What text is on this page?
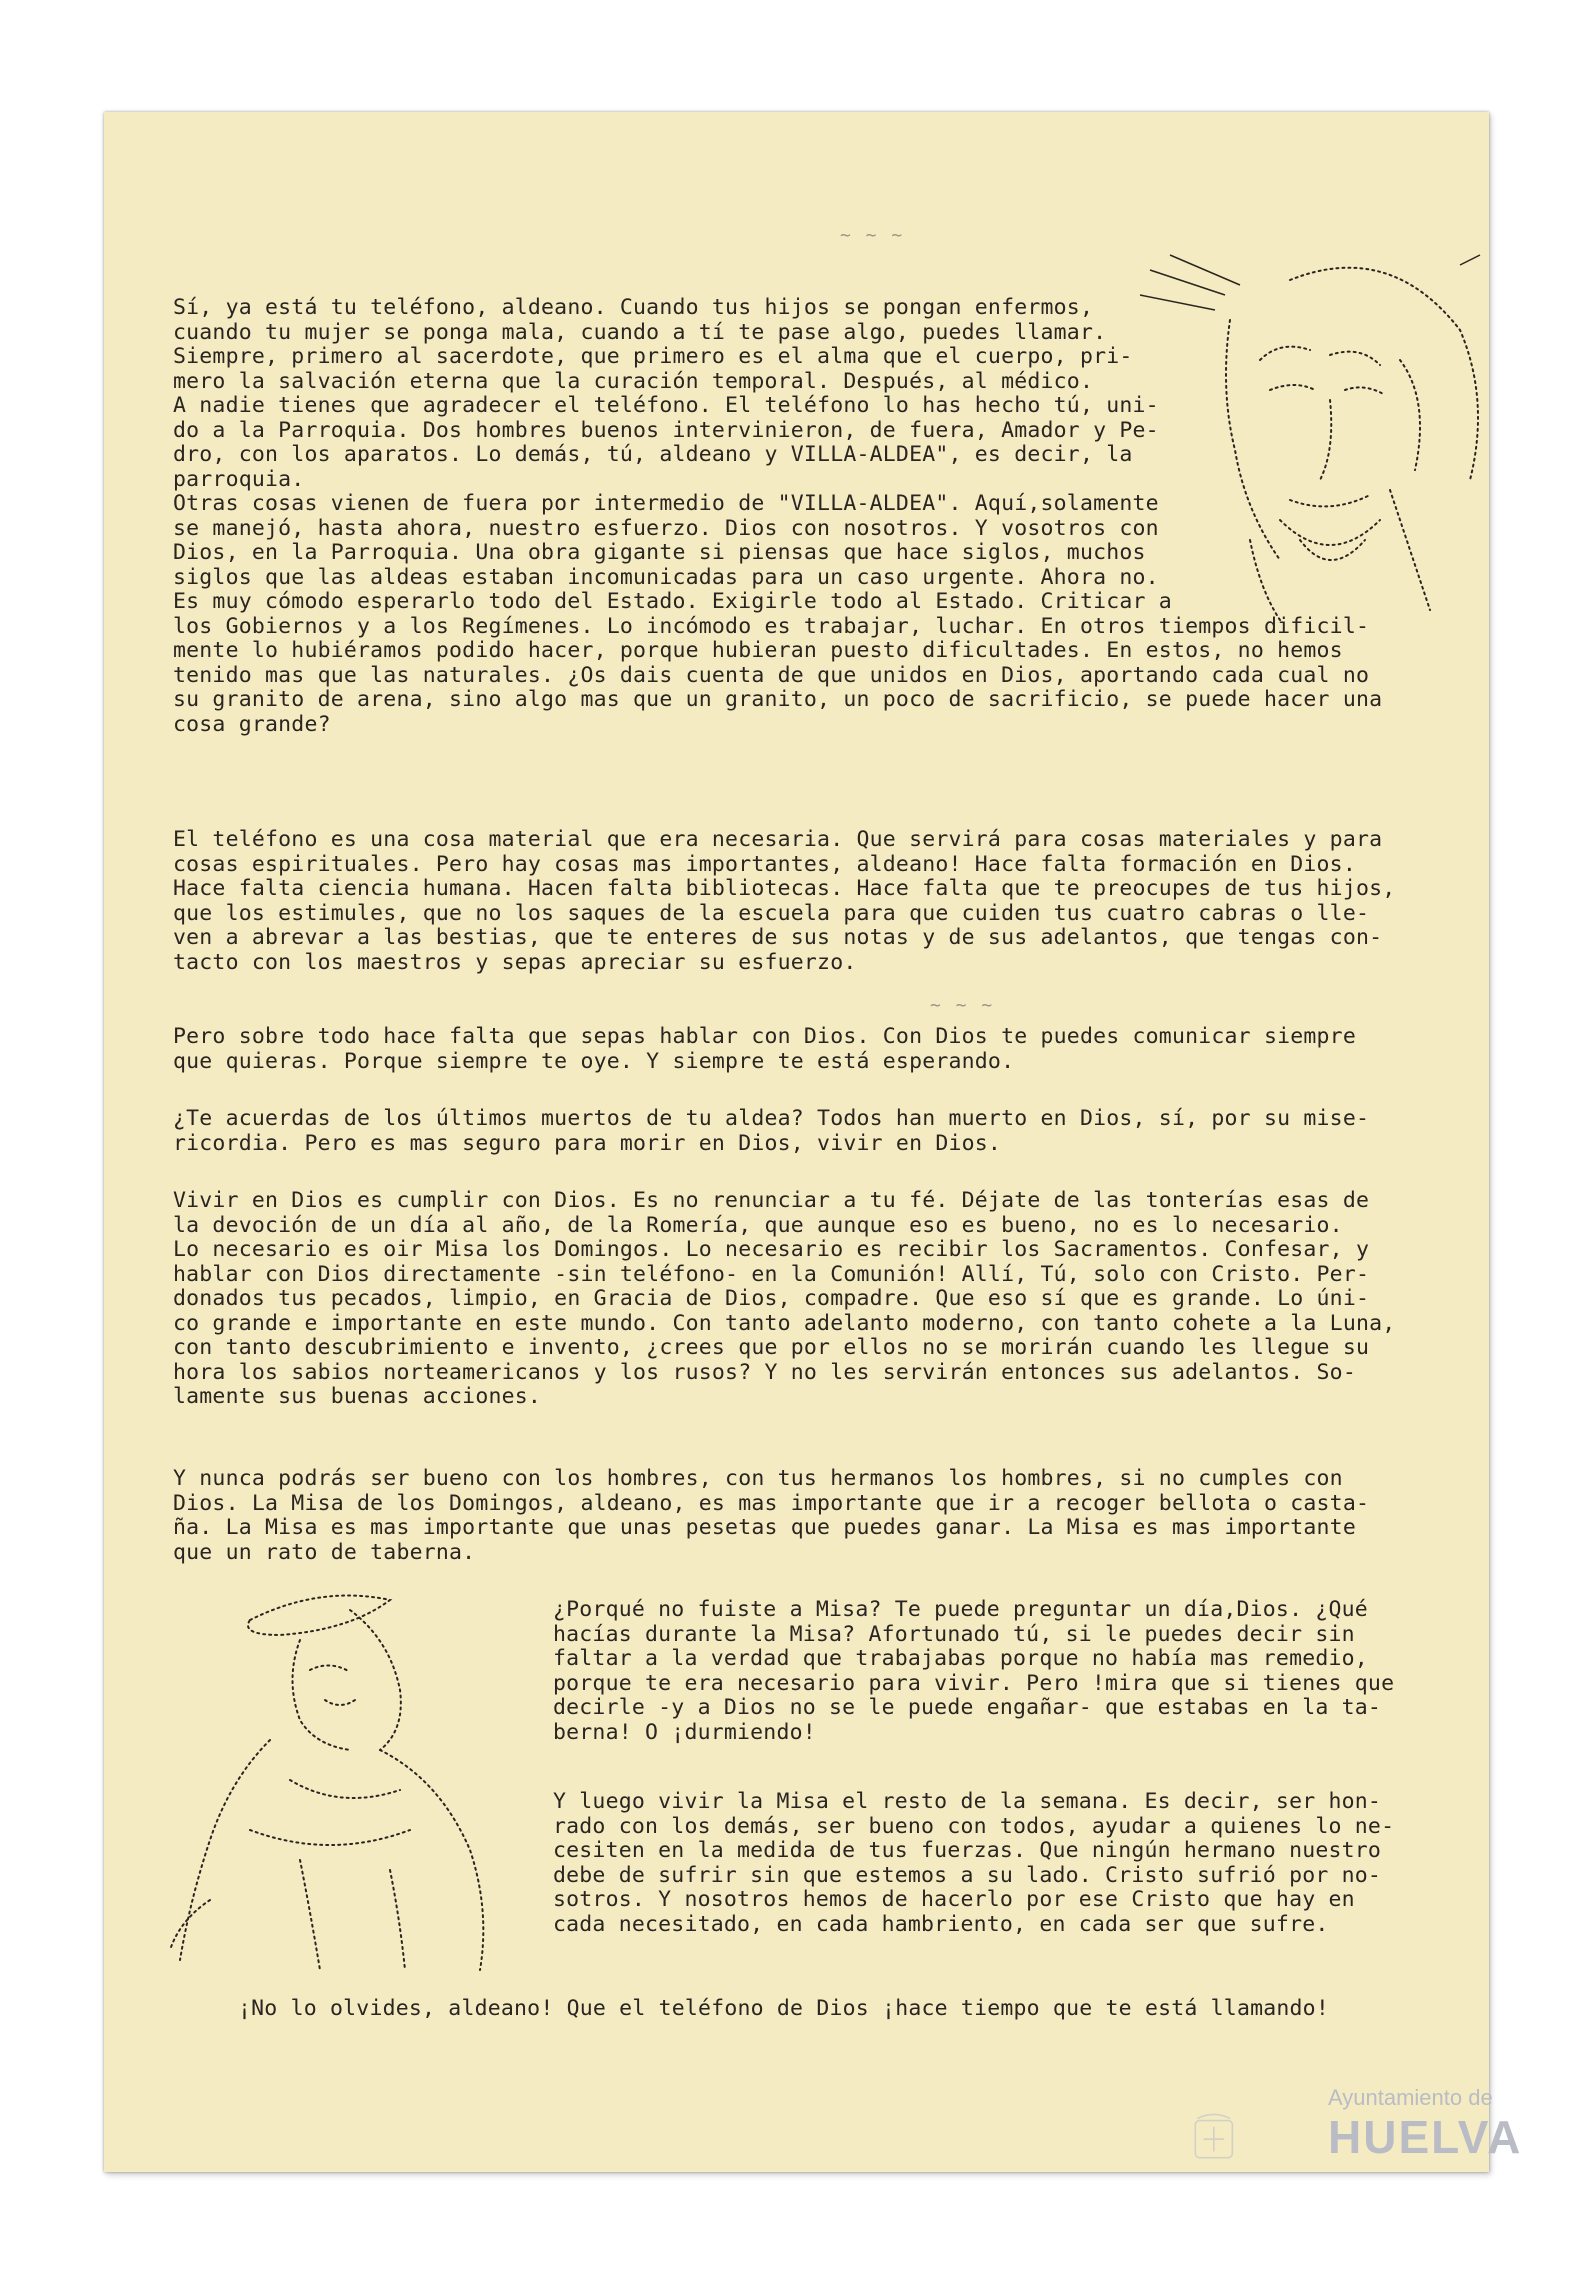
~ ~ ~
~ ~ ~
Sí, ya está tu teléfono, aldeano. Cuando tus hijos se pongan enfermos,
cuando tu mujer se ponga mala, cuando a tí te pase algo, puedes llamar.
Siempre, primero al sacerdote, que primero es el alma que el cuerpo, pri-
mero la salvación eterna que la curación temporal. Después, al médico.
A nadie tienes que agradecer el teléfono. El teléfono lo has hecho tú, uni-
do a la Parroquia. Dos hombres buenos intervinieron, de fuera, Amador y Pe-
dro, con los aparatos. Lo demás, tú, aldeano y VILLA-ALDEA", es decir, la
parroquia.
Otras cosas vienen de fuera por intermedio de "VILLA-ALDEA". Aquí,solamente
se manejó, hasta ahora, nuestro esfuerzo. Dios con nosotros. Y vosotros con
Dios, en la Parroquia. Una obra gigante si piensas que hace siglos, muchos
siglos que las aldeas estaban incomunicadas para un caso urgente. Ahora no.
Es muy cómodo esperarlo todo del Estado. Exigirle todo al Estado. Criticar a
los Gobiernos y a los Regímenes. Lo incómodo es trabajar, luchar. En otros tiempos dificil-
mente lo hubiéramos podido hacer, porque hubieran puesto dificultades. En estos, no hemos
tenido mas que las naturales. ¿Os dais cuenta de que unidos en Dios, aportando cada cual no
su granito de arena, sino algo mas que un granito, un poco de sacrificio, se puede hacer una
cosa grande?
El teléfono es una cosa material que era necesaria. Que servirá para cosas materiales y para
cosas espirituales. Pero hay cosas mas importantes, aldeano! Hace falta formación en Dios.
Hace falta ciencia humana. Hacen falta bibliotecas. Hace falta que te preocupes de tus hijos,
que los estimules, que no los saques de la escuela para que cuiden tus cuatro cabras o lle-
ven a abrevar a las bestias, que te enteres de sus notas y de sus adelantos, que tengas con-
tacto con los maestros y sepas apreciar su esfuerzo.
Pero sobre todo hace falta que sepas hablar con Dios. Con Dios te puedes comunicar siempre
que quieras. Porque siempre te oye. Y siempre te está esperando.
¿Te acuerdas de los últimos muertos de tu aldea? Todos han muerto en Dios, sí, por su mise-
ricordia. Pero es mas seguro para morir en Dios, vivir en Dios.
Vivir en Dios es cumplir con Dios. Es no renunciar a tu fé. Déjate de las tonterías esas de
la devoción de un día al año, de la Romería, que aunque eso es bueno, no es lo necesario.
Lo necesario es oir Misa los Domingos. Lo necesario es recibir los Sacramentos. Confesar, y
hablar con Dios directamente -sin teléfono- en la Comunión! Allí, Tú, solo con Cristo. Per-
donados tus pecados, limpio, en Gracia de Dios, compadre. Que eso sí que es grande. Lo úni-
co grande e importante en este mundo. Con tanto adelanto moderno, con tanto cohete a la Luna,
con tanto descubrimiento e invento, ¿crees que por ellos no se morirán cuando les llegue su
hora los sabios norteamericanos y los rusos? Y no les servirán entonces sus adelantos. So-
lamente sus buenas acciones.
Y nunca podrás ser bueno con los hombres, con tus hermanos los hombres, si no cumples con
Dios. La Misa de los Domingos, aldeano, es mas importante que ir a recoger bellota o casta-
ña. La Misa es mas importante que unas pesetas que puedes ganar. La Misa es mas importante
que un rato de taberna.
¿Porqué no fuiste a Misa? Te puede preguntar un día,Dios. ¿Qué
hacías durante la Misa? Afortunado tú, si le puedes decir sin
faltar a la verdad que trabajabas porque no había mas remedio,
porque te era necesario para vivir. Pero !mira que si tienes que
decirle -y a Dios no se le puede engañar- que estabas en la ta-
berna! O ¡durmiendo!
Y luego vivir la Misa el resto de la semana. Es decir, ser hon-
rado con los demás, ser bueno con todos, ayudar a quienes lo ne-
cesiten en la medida de tus fuerzas. Que ningún hermano nuestro
debe de sufrir sin que estemos a su lado. Cristo sufrió por no-
sotros. Y nosotros hemos de hacerlo por ese Cristo que hay en
cada necesitado, en cada hambriento, en cada ser que sufre.
¡No lo olvides, aldeano! Que el teléfono de Dios ¡hace tiempo que te está llamando!
Ayuntamiento de
HUELVA
